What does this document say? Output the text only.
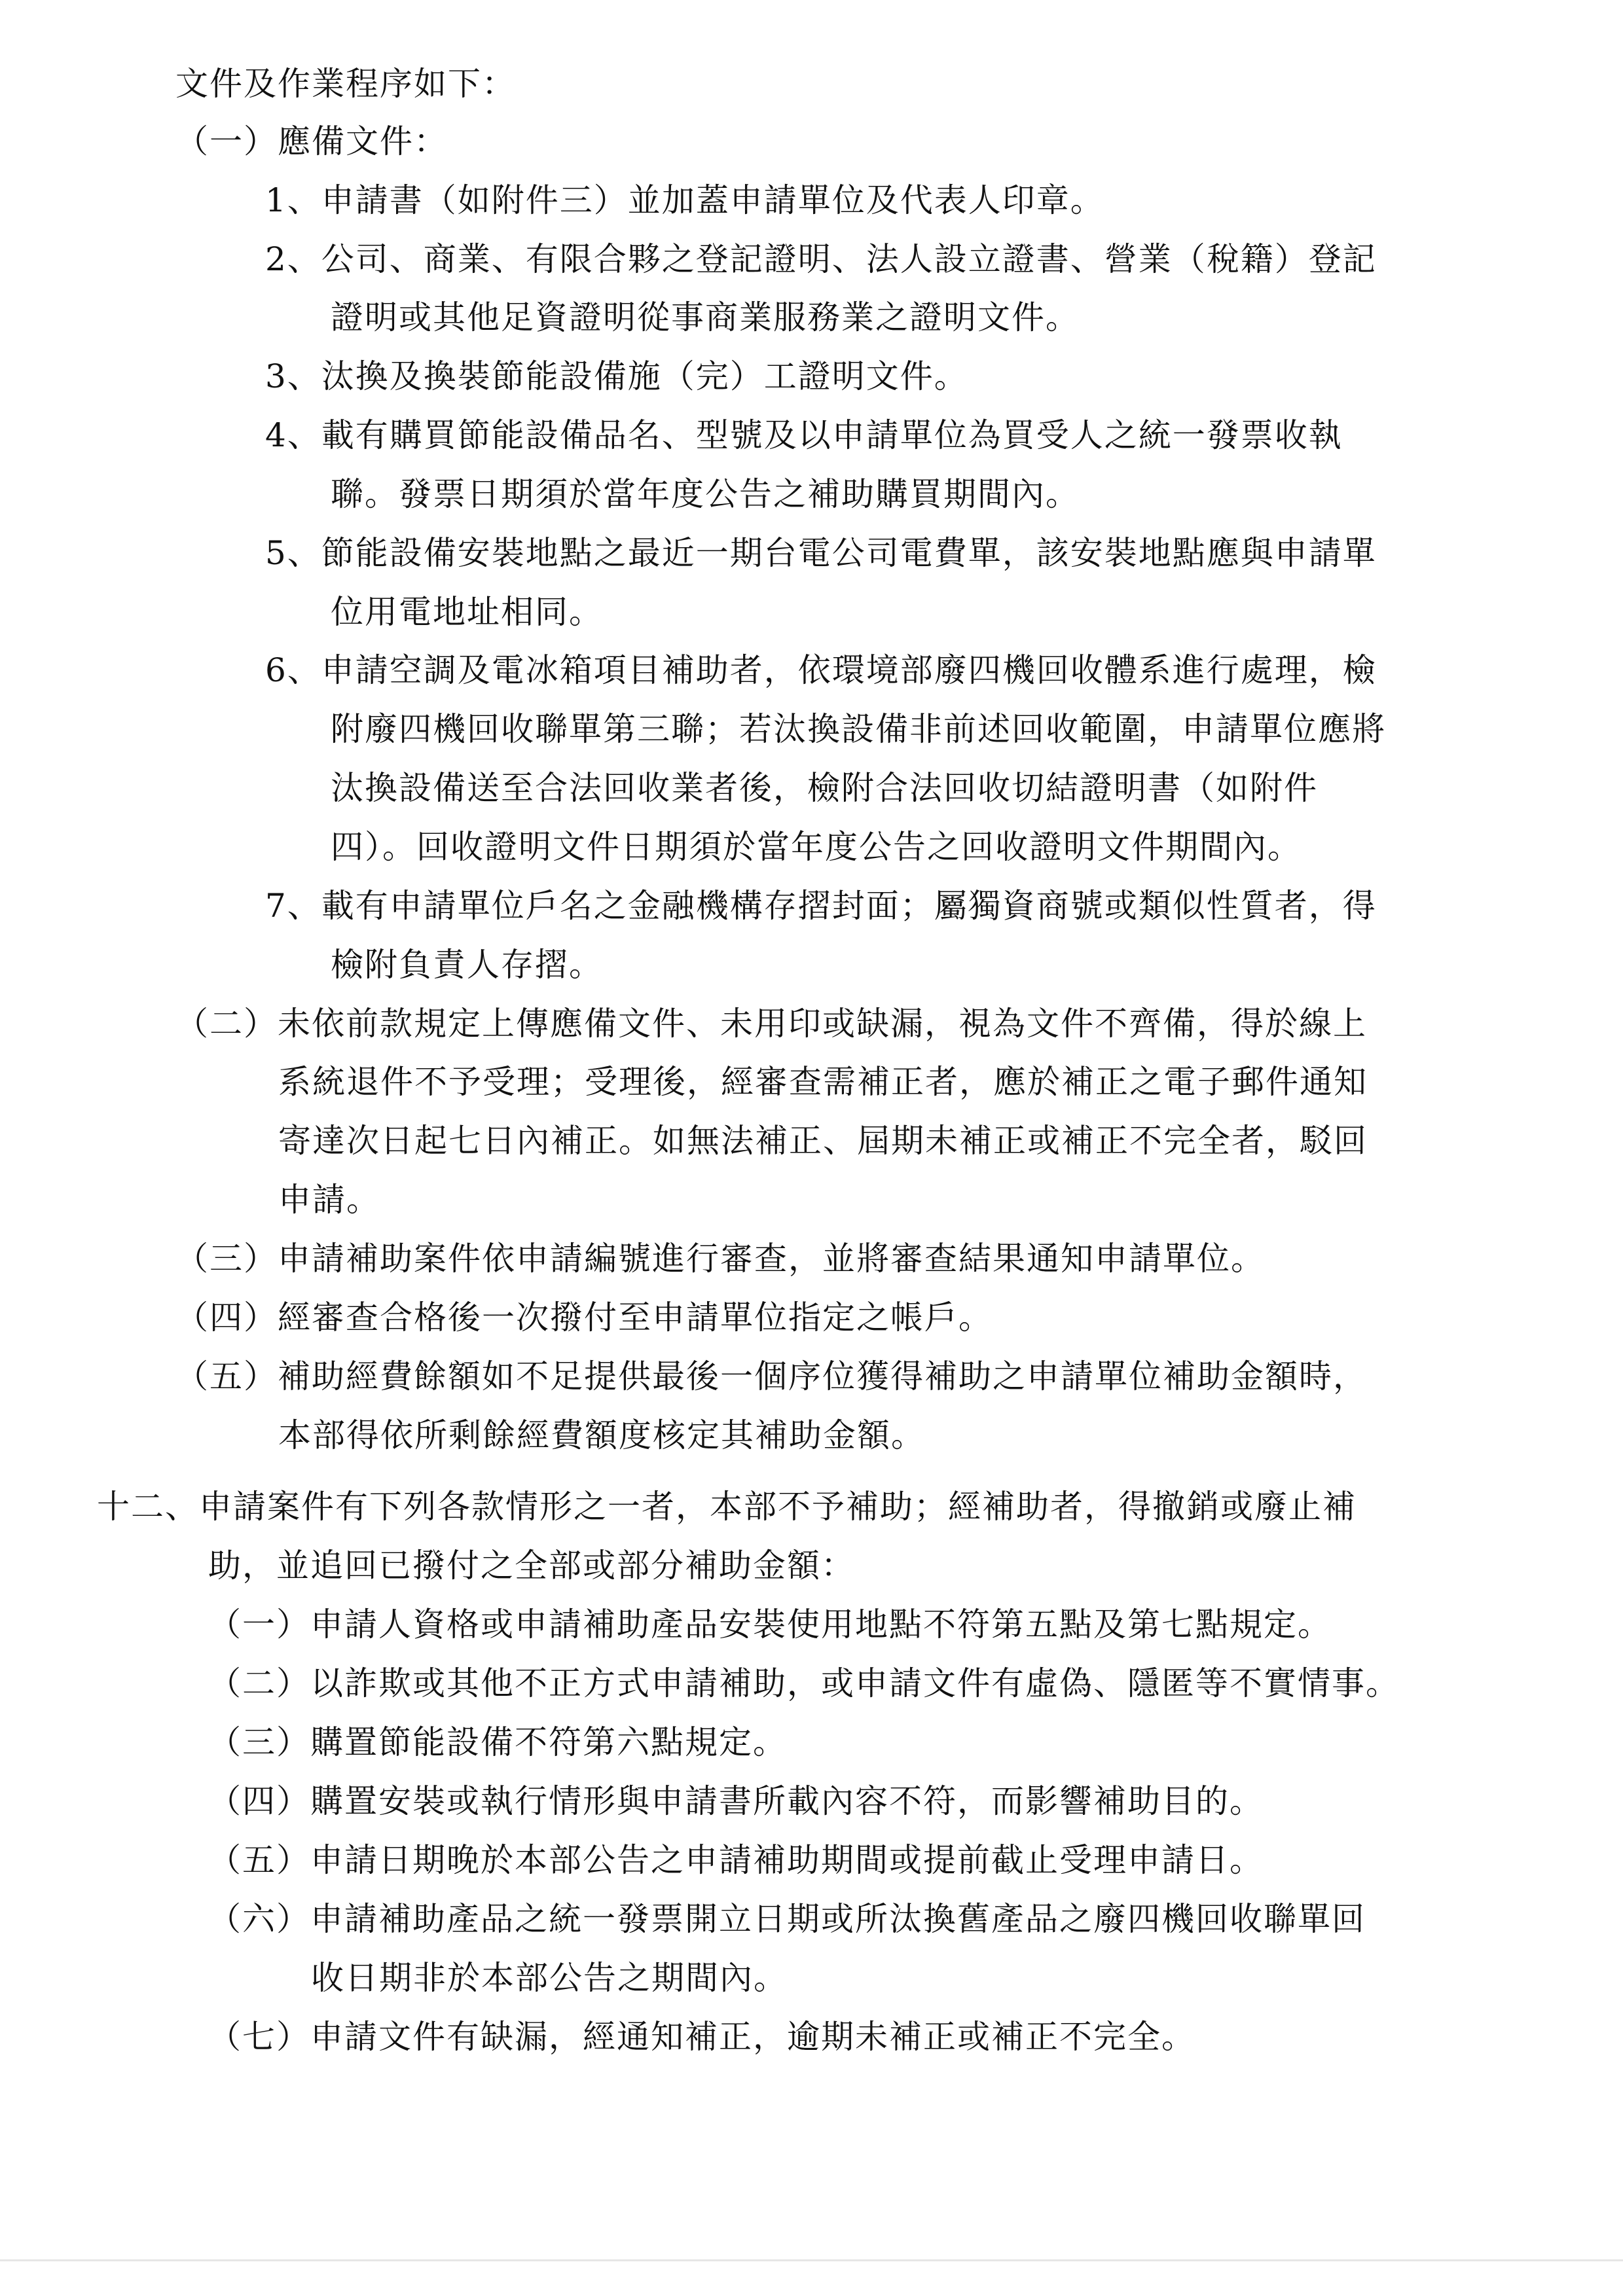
文件及作業程序如下：

（一）應備文件：

1、申請書（如附件三）並加蓋申請單位及代表人印章。

2、公司、商業、有限合夥之登記證明、法人設立證書、營業（稅籍）登記

證明或其他足資證明從事商業服務業之證明文件。

3、汰換及換裝節能設備施（完）工證明文件。

4、載有購買節能設備品名、型號及以申請單位為買受人之統一發票收執

聯。發票日期須於當年度公告之補助購買期間內。

5、節能設備安裝地點之最近一期台電公司電費單，該安裝地點應與申請單

位用電地址相同。

6、申請空調及電冰箱項目補助者，依環境部廢四機回收體系進行處理，檢

附廢四機回收聯單第三聯；若汰換設備非前述回收範圍，申請單位應將

汰換設備送至合法回收業者後，檢附合法回收切結證明書（如附件

四）。回收證明文件日期須於當年度公告之回收證明文件期間內。

7、載有申請單位戶名之金融機構存摺封面；屬獨資商號或類似性質者，得

檢附負責人存摺。

（二）未依前款規定上傳應備文件、未用印或缺漏，視為文件不齊備，得於線上

系統退件不予受理；受理後，經審查需補正者，應於補正之電子郵件通知

寄達次日起七日內補正。如無法補正、屆期未補正或補正不完全者，駁回

申請。

（三）申請補助案件依申請編號進行審查，並將審查結果通知申請單位。

（四）經審查合格後一次撥付至申請單位指定之帳戶。

（五）補助經費餘額如不足提供最後一個序位獲得補助之申請單位補助金額時，

本部得依所剩餘經費額度核定其補助金額。

十二、申請案件有下列各款情形之一者，本部不予補助；經補助者，得撤銷或廢止補

助，並追回已撥付之全部或部分補助金額：

（一）申請人資格或申請補助產品安裝使用地點不符第五點及第七點規定。

（二）以詐欺或其他不正方式申請補助，或申請文件有虛偽、隱匿等不實情事。

（三）購置節能設備不符第六點規定。

（四）購置安裝或執行情形與申請書所載內容不符，而影響補助目的。

（五）申請日期晚於本部公告之申請補助期間或提前截止受理申請日。

（六）申請補助產品之統一發票開立日期或所汰換舊產品之廢四機回收聯單回

收日期非於本部公告之期間內。

（七）申請文件有缺漏，經通知補正，逾期未補正或補正不完全。
